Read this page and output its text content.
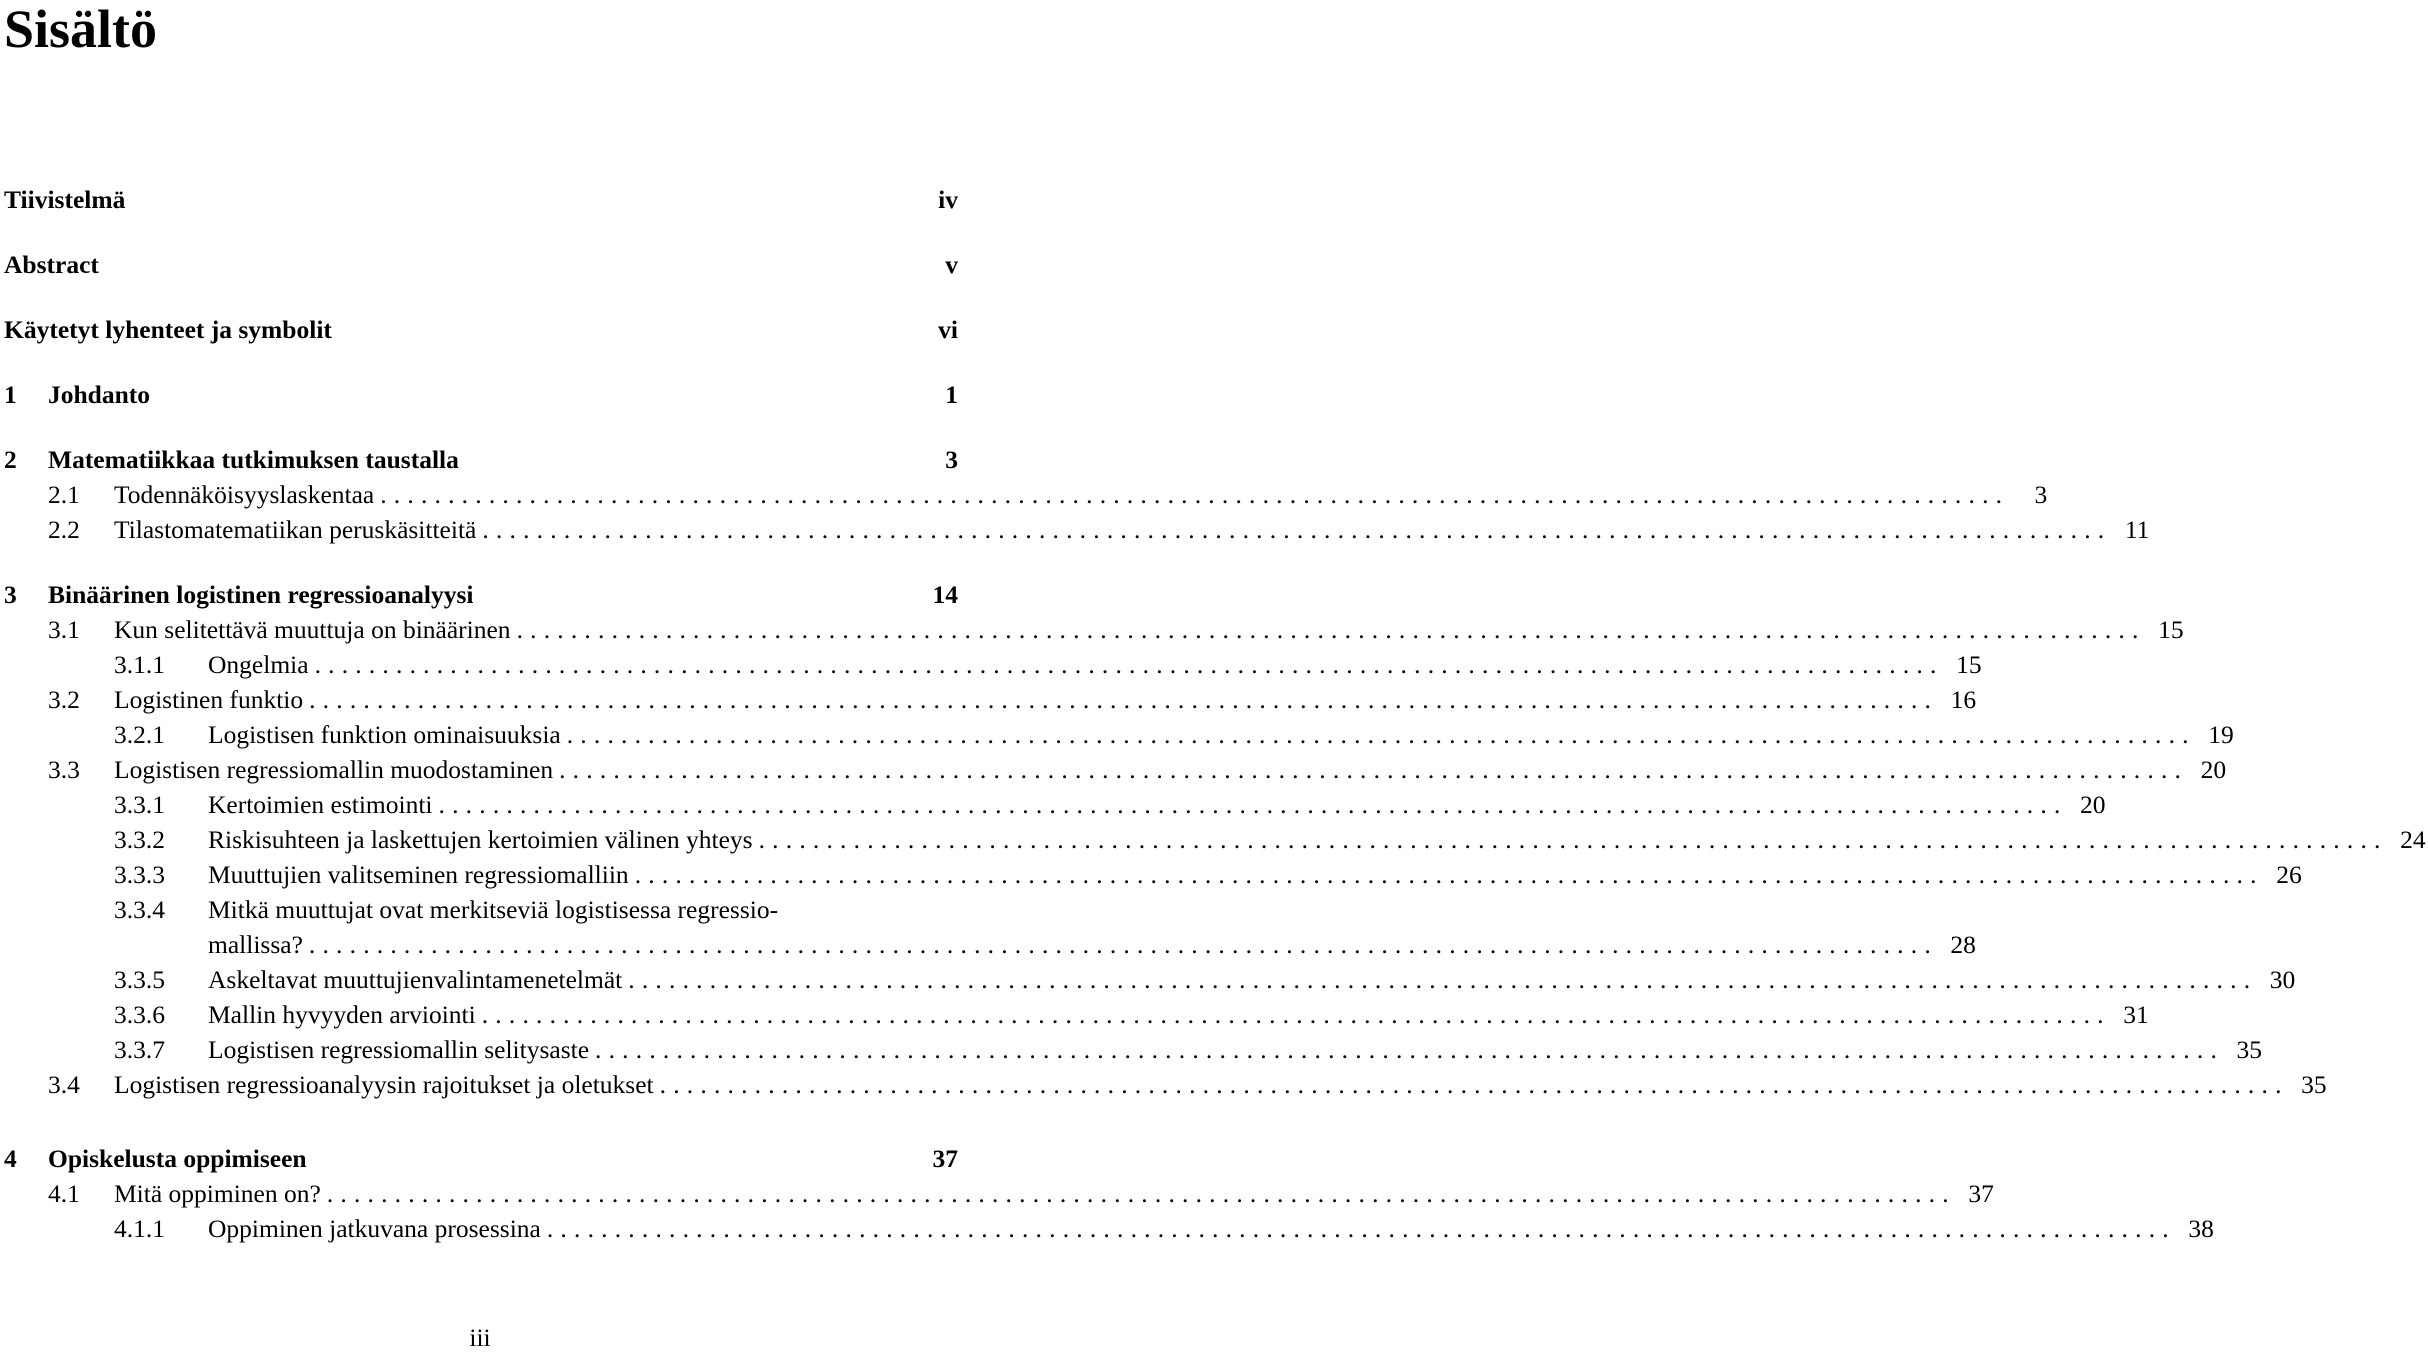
Sisältö
Tiivistelmä	iv
Abstract	v
Käytetyt lyhenteet ja symbolit	vi
1	Johdanto	1
2	Matematiikkaa tutkimuksen taustalla	3
2.1	Todennäköisyyslaskentaa ........................................................................................................................ 3
2.2	Tilastomatematiikan peruskäsitteitä ........................................................................................................................ 11
3	Binäärinen logistinen regressioanalyysi	14
3.1	Kun selitettävä muuttuja on binäärinen ........................................................................................................................ 15
3.1.1	Ongelmia ........................................................................................................................ 15
3.2	Logistinen funktio ........................................................................................................................ 16
3.2.1	Logistisen funktion ominaisuuksia ........................................................................................................................ 19
3.3	Logistisen regressiomallin muodostaminen ........................................................................................................................ 20
3.3.1	Kertoimien estimointi ........................................................................................................................ 20
3.3.2	Riskisuhteen ja laskettujen kertoimien välinen yhteys ........................................................................................................................ 24
3.3.3	Muuttujien valitseminen regressiomalliin ........................................................................................................................ 26
3.3.4	Mitkä muuttujat ovat merkitseviä logistisessa regressio-
mallissa? ........................................................................................................................ 28
3.3.5	Askeltavat muuttujienvalintamenetelmät ........................................................................................................................ 30
3.3.6	Mallin hyvyyden arviointi ........................................................................................................................ 31
3.3.7	Logistisen regressiomallin selitysaste ........................................................................................................................ 35
3.4	Logistisen regressioanalyysin rajoitukset ja oletukset ........................................................................................................................ 35
4	Opiskelusta oppimiseen	37
4.1	Mitä oppiminen on? ........................................................................................................................ 37
4.1.1	Oppiminen jatkuvana prosessina ........................................................................................................................ 38
iii
